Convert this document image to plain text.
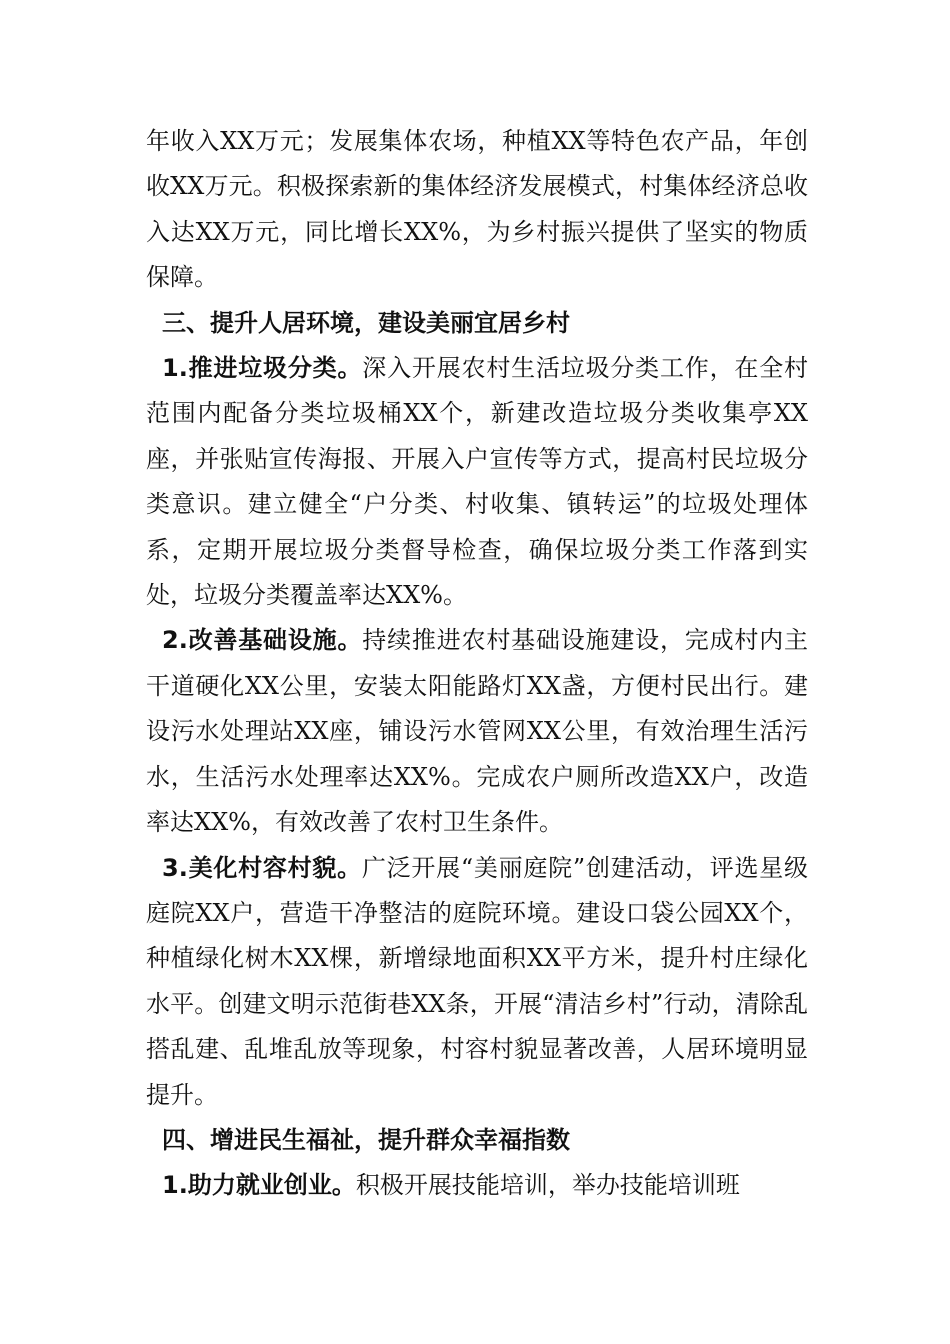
年收入XX万元；发展集体农场，种植XX等特色农产品，年创收XX万元。积极探索新的集体经济发展模式，村集体经济总收入达XX万元，同比增长XX%，为乡村振兴提供了坚实的物质保障。

三、提升人居环境，建设美丽宜居乡村

1.推进垃圾分类。深入开展农村生活垃圾分类工作，在全村范围内配备分类垃圾桶XX个，新建改造垃圾分类收集亭XX座，并张贴宣传海报、开展入户宣传等方式，提高村民垃圾分类意识。建立健全“户分类、村收集、镇转运”的垃圾处理体系，定期开展垃圾分类督导检查，确保垃圾分类工作落到实处，垃圾分类覆盖率达XX%。

2.改善基础设施。持续推进农村基础设施建设，完成村内主干道硬化XX公里，安装太阳能路灯XX盏，方便村民出行。建设污水处理站XX座，铺设污水管网XX公里，有效治理生活污水，生活污水处理率达XX%。完成农户厕所改造XX户，改造率达XX%，有效改善了农村卫生条件。

3.美化村容村貌。广泛开展“美丽庭院”创建活动，评选星级庭院XX户，营造干净整洁的庭院环境。建设口袋公园XX个，种植绿化树木XX棵，新增绿地面积XX平方米，提升村庄绿化水平。创建文明示范街巷XX条，开展“清洁乡村”行动，清除乱搭乱建、乱堆乱放等现象，村容村貌显著改善，人居环境明显提升。

四、增进民生福祉，提升群众幸福指数

1.助力就业创业。积极开展技能培训，举办技能培训班
